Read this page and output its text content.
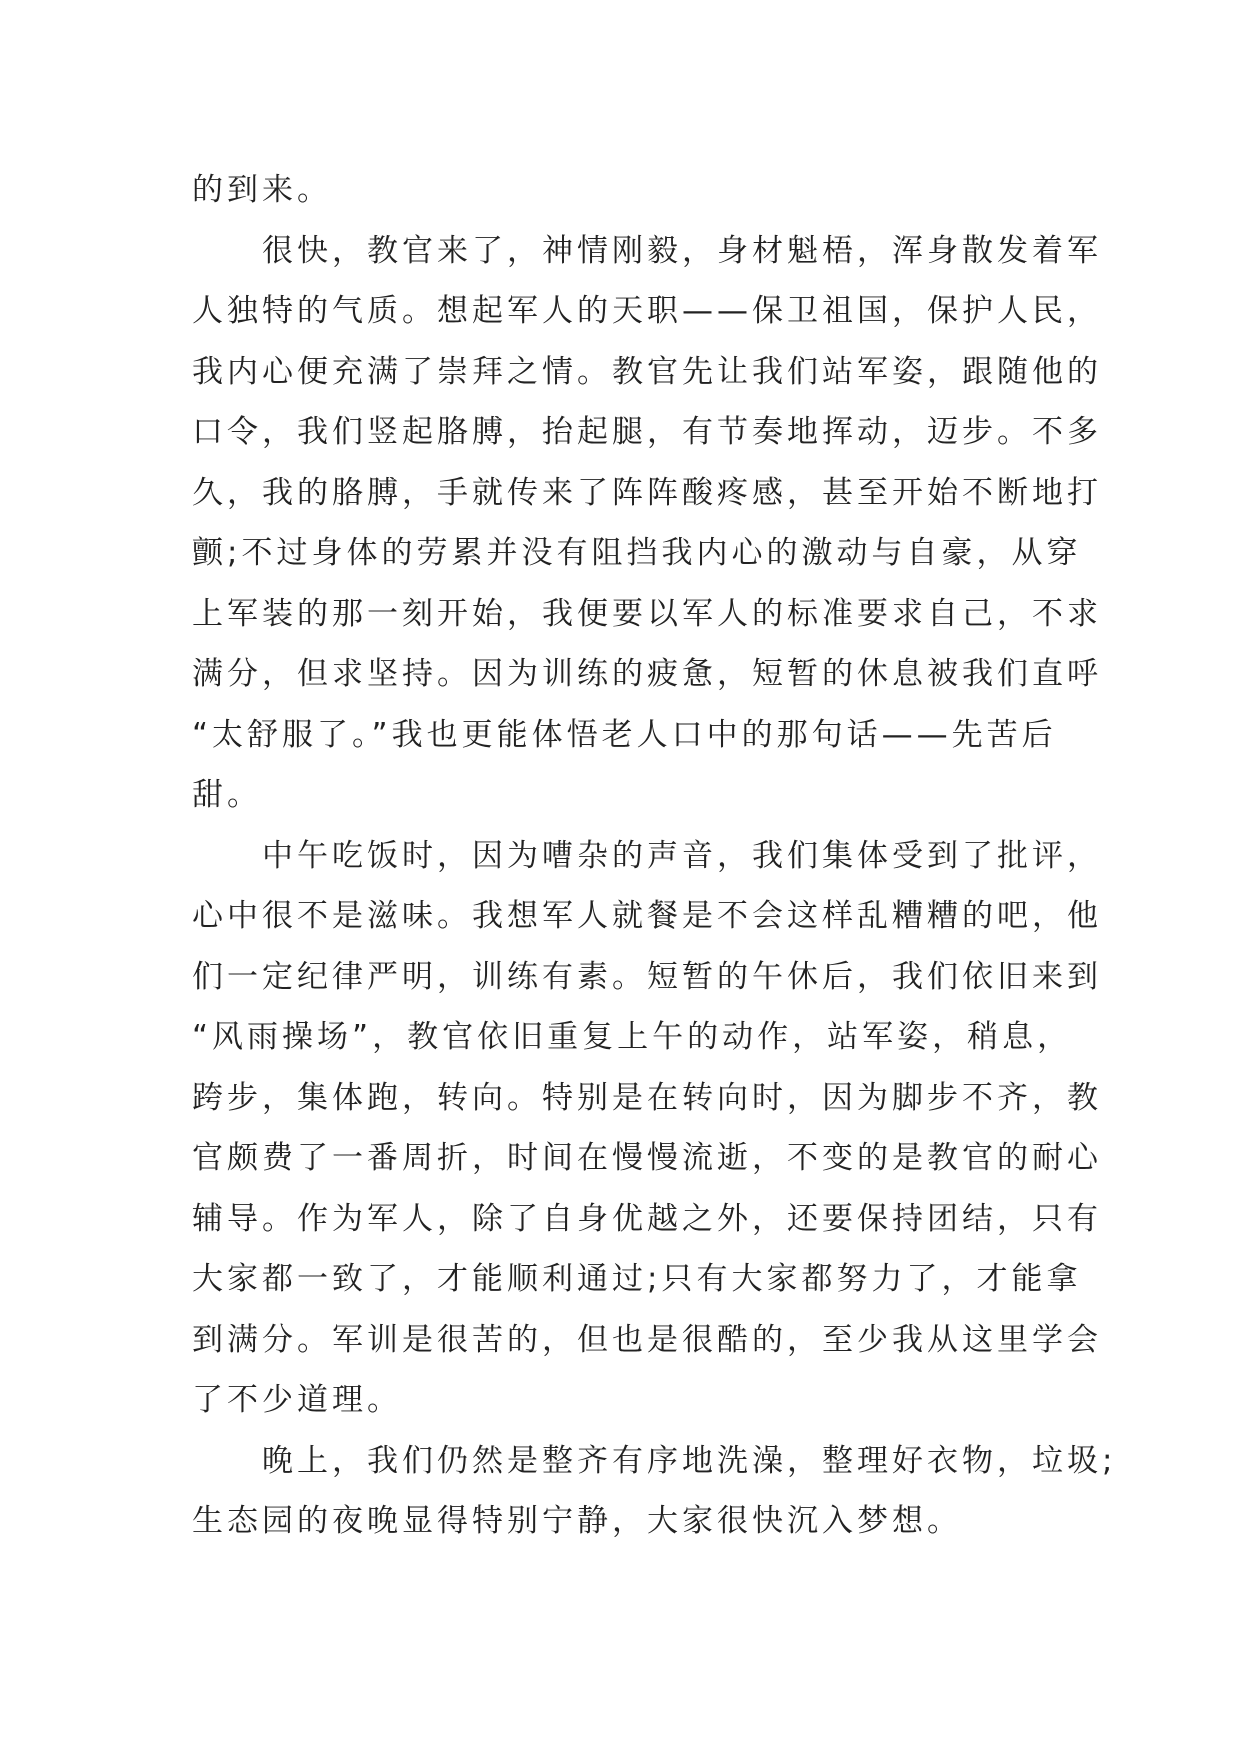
的到来。
很快，教官来了，神情刚毅，身材魁梧，浑身散发着军
人独特的气质。想起军人的天职——保卫祖国，保护人民，
我内心便充满了崇拜之情。教官先让我们站军姿，跟随他的
口令，我们竖起胳膊，抬起腿，有节奏地挥动，迈步。不多
久，我的胳膊，手就传来了阵阵酸疼感，甚至开始不断地打
颤;不过身体的劳累并没有阻挡我内心的激动与自豪，从穿
上军装的那一刻开始，我便要以军人的标准要求自己，不求
满分，但求坚持。因为训练的疲惫，短暂的休息被我们直呼
“太舒服了。”我也更能体悟老人口中的那句话——先苦后
甜。
中午吃饭时，因为嘈杂的声音，我们集体受到了批评，
心中很不是滋味。我想军人就餐是不会这样乱糟糟的吧，他
们一定纪律严明，训练有素。短暂的午休后，我们依旧来到
“风雨操场”，教官依旧重复上午的动作，站军姿，稍息，
跨步，集体跑，转向。特别是在转向时，因为脚步不齐，教
官颇费了一番周折，时间在慢慢流逝，不变的是教官的耐心
辅导。作为军人，除了自身优越之外，还要保持团结，只有
大家都一致了，才能顺利通过;只有大家都努力了，才能拿
到满分。军训是很苦的，但也是很酷的，至少我从这里学会
了不少道理。
晚上，我们仍然是整齐有序地洗澡，整理好衣物，垃圾;
生态园的夜晚显得特别宁静，大家很快沉入梦想。
